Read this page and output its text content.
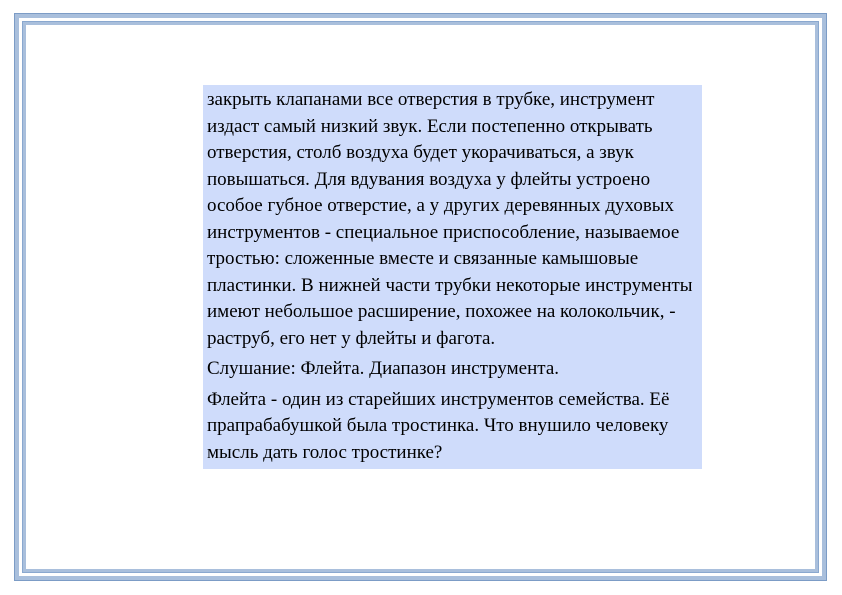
закрыть клапанами все отверстия в трубке, инструмент издаст самый низкий звук. Если постепенно открывать отверстия, столб воздуха будет укорачиваться, а звук повышаться. Для вдувания воздуха у флейты устроено особое губное отверстие, а у других деревянных духовых инструментов - специальное приспособление, называемое тростью: сложенные вместе и связанные камышовые пластинки. В нижней части трубки некоторые инструменты имеют небольшое расширение, похожее на колокольчик, - раструб, его нет у флейты и фагота.

Слушание: Флейта. Диапазон инструмента.

Флейта - один из старейших инструментов семейства. Её прапрабабушкой была тростинка. Что внушило человеку мысль дать голос тростинке?
